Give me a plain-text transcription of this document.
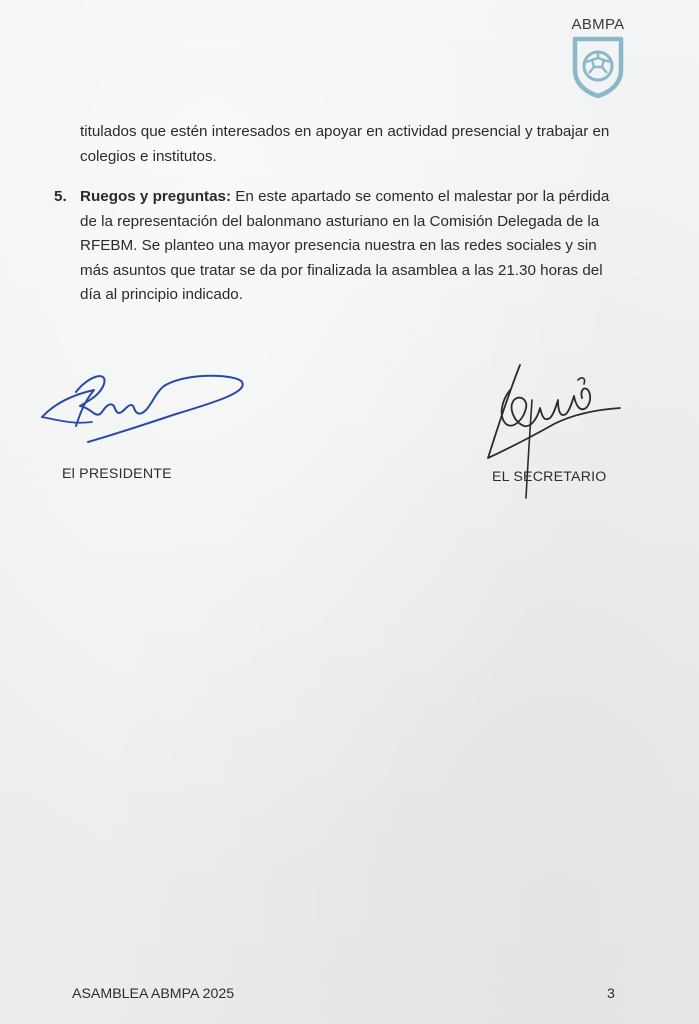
ABMPA
titulados que estén interesados en apoyar en actividad presencial y trabajar en colegios e institutos.
5. Ruegos y preguntas: En este apartado se comento el malestar por la pérdida de la representación del balonmano asturiano en la Comisión Delegada de la RFEBM. Se planteo una mayor presencia nuestra en las redes sociales y sin más asuntos que tratar se da por finalizada la asamblea a las 21.30 horas del día al principio indicado.
El PRESIDENTE	EL SECRETARIO
ASAMBLEA ABMPA 2025	3
